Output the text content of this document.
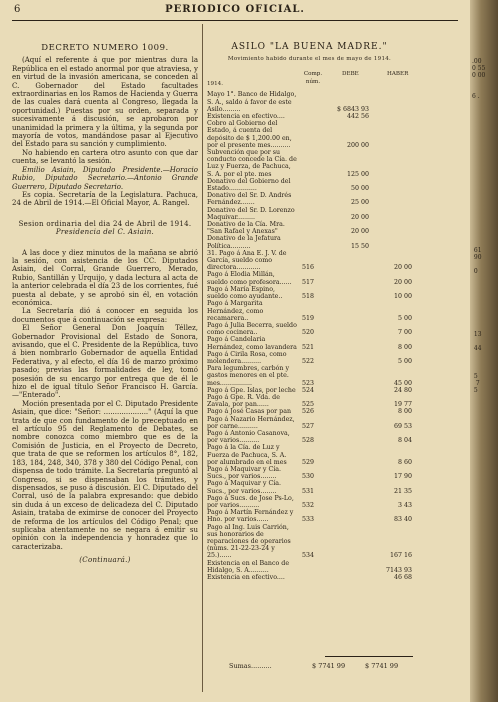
6	PERIODICO OFICIAL.

DECRETO NUMERO 1009.

(Aquí el referente á que por mientras dura la República en el estado anormal por que atraviesa, y en virtud de la invasión americana, se conceden al C. Gobernador del Estado facultades extraordinarias en los Ramos de Hacienda y Guerra de las cuales dará cuenta al Congreso, llegada la oportunidad.) Puestas por su orden, separada y sucesivamente á discusión, se aprobaron por unanimidad la primera y la última, y la segunda por mayoría de votos, mandándose pasar al Ejecutivo del Estado para su sanción y cumplimiento.

No habiendo en cartera otro asunto con que dar cuenta, se levantó la sesión.

Emilio Asiain, Diputado Presidente.—Horacio Rubio, Diputado Secretario.—Antonio Grande Guerrero, Diputado Secretario.

Es copia. Secretaría de la Legislatura. Pachuca, 24 de Abril de 1914.—El Oficial Mayor, A. Rangel.

Sesion ordinaria del dia 24 de Abril de 1914.

Presidencia del C. Asiain.

A las doce y diez minutos de la mañana se abrió la sesión, con asistencia de los CC. Diputados Asiain, del Corral, Grande Guerrero, Merado, Rubio, Santillán y Urquijo, y dada lectura al acta de la anterior celebrada el día 23 de los corrientes, fué puesta al debate, y se aprobó sin él, en votación económica.

La Secretaría dió á conocer en seguida los documentos que á continuación se expresa:

El Señor General Don Joaquín Téllez, Gobernador Provisional del Estado de Sonora, avisando, que el C. Presidente de la República, tuvo á bien nombrarlo Gobernador de aquella Entidad Federativa, y al efecto, el día 16 de marzo próximo pasado; previas las formalidades de ley, tomó posesión de su encargo por entrega que de él le hizo el de igual título Señor Francisco H. García.—"Enterado".

Moción presentada por el C. Diputado Presidente Asiain, que dice: "Señor: ...................." (Aquí la que trata de que con fundamento de lo preceptuado en el artículo 95 del Reglamento de Debates, se nombre conozca como miembro que es de la Comisión de Justicia, en el Proyecto de Decreto, que trata de que se reformen los artículos 8°, 182, 183, 184, 248, 340, 378 y 380 del Código Penal, con dispensa de todo trámite. La Secretaría preguntó al Congreso, si se dispensaban los trámites, y dispensados, se puso á discusión. El C. Diputado del Corral, usó de la palabra expresando: que debido sin duda á un exceso de delicadeza del C. Diputado Asiain, trataba de eximirse de conocer del Proyecto de reforma de los artículos del Código Penal; que suplicaba atentamente no se negara á emitir su opinión con la independencia y honradez que lo caracterizaba.

(Continuará.)

ASILO "LA BUENA MADRE."
Movimiento habido durante el mes de mayo de 1914.
1914.
Comp. núm.
DEBE	HABER
Mayo 1°. Banco de Hidalgo, S. A., saldo á favor de este Asilo.........	$ 6843 93
Existencia en efectivo....	442 56
Cobro al Gobierno del Estado, á cuenta del depósito de $ 1,200.00 en, por el presente mes..........	200 00
Subvención que por su conducto concede la Cía. de Luz y Fuerza, de Pachuca, S. A. por el pte. mes	125 00
Donativo del Gobierno del Estado..............	50 00
Donativo del Sr. D. Andrés Fernández.......	25 00
Donativo del Sr. D. Lorenzo Maquivar.........	20 00
Donativo de la Cía. Mra. "San Rafael y Anexas"	20 00
Donativo de la Jefatura Política..........	15 50
31. Pago á Ana E. J. V. de García, sueldo como directora............	516	20 00
Pago á Elodia Millán, sueldo como profesora......	517	20 00
Pago á María Espino, sueldo como ayudante..	518	10 00
Pago á Margarita Hernández, como recamarera..	519	5 00
Pago á Julia Becerra, sueldo como cocinera..	520	7 00
Pago á Candelaria Hernández, como lavandera 521	8 00
Pago á Cirila Rosa, como molendera..........	522	5 00
Para legumbres, carbón y gastos menores en el pte. mes................	523	45 00
Pago á Gpe. Islas, por leche 524	24 80
Pago á Gpe. R. Vda. de Zavala, por pan......	525	19 77
Pago á José Casas por pan	526	8 00
Pago á Nazario Hernández, por carne..........	527	69 53
Pago á Antonio Casanova, por varios..........	528	8 04
Pago á la Cía. de Luz y Fuerza de Pachuca, S. A. por alumbrado en el mes	529	8 60
Pago á Maquivar y Cía. Sucs., por varios........	530	17 90
Pago á Maquivar y Cía. Sucs., por varios........	531	21 35
Pago á Sucs. de Jose Ps-Lo, por varios..........	532	3 43
Pago á Martín Fernández y Hno. por varios......	533	83 40
Pago al Ing. Luis Carrión, sus honorarios de reparaciones de operarios (núms. 21-22-23-24 y 25.)......	534	167 16
Existencia en el Banco de Hidalgo, S. A..........	7143 93
Existencia en efectivo....	46 68
Sumas..........	$ 7741 99	$ 7741 99
.00
0 55
0 00

6 .

61
90

0

13

44

5
7
5
